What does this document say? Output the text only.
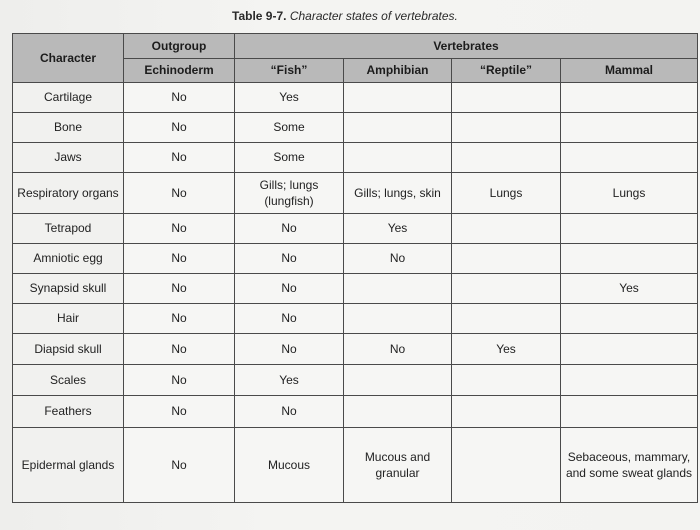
Table 9-7. Character states of vertebrates.
Character	Outgroup	Vertebrates			
	Echinoderm	“Fish”	Amphibian	“Reptile”	Mammal
Cartilage	No	Yes			
Bone	No	Some			
Jaws	No	Some			
Respiratory organs	No	Gills; lungs (lungfish)	Gills; lungs, skin	Lungs	Lungs
Tetrapod	No	No	Yes		
Amniotic egg	No	No	No		
Synapsid skull	No	No			Yes
Hair	No	No			
Diapsid skull	No	No	No	Yes	
Scales	No	Yes			
Feathers	No	No			
Epidermal glands	No	Mucous	Mucous and granular		Sebaceous, mammary, and some sweat glands
